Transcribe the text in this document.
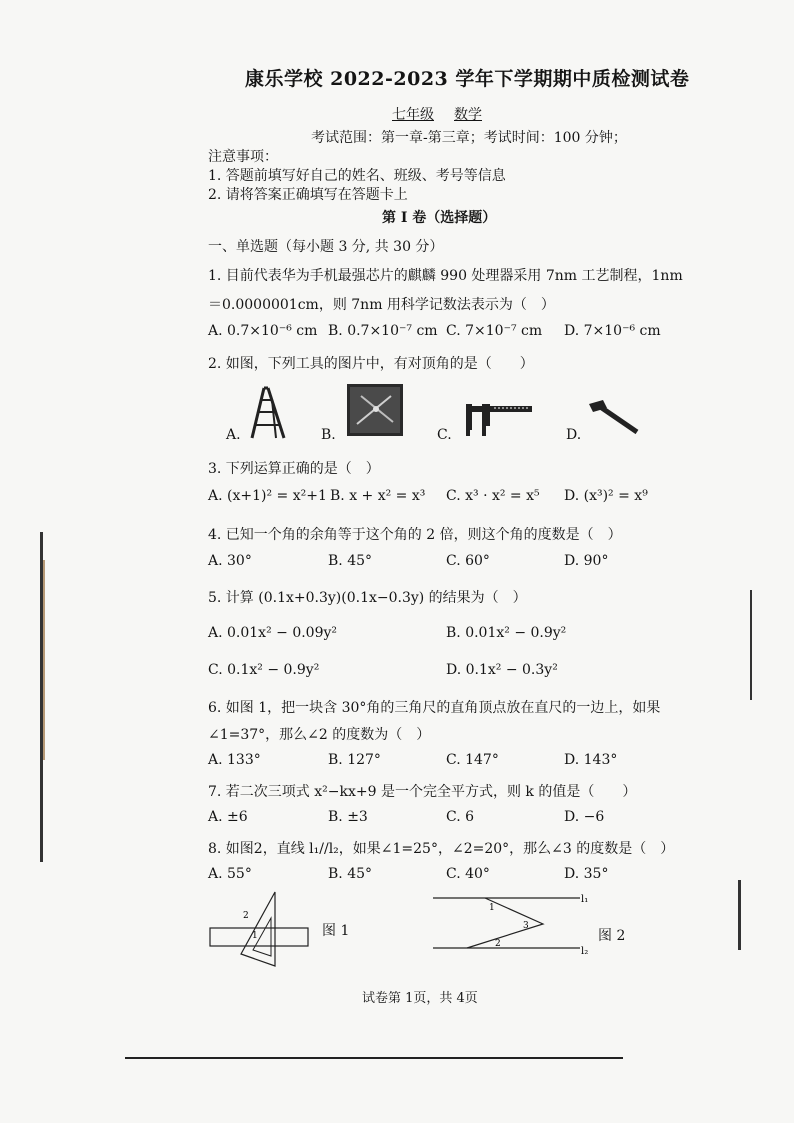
康乐学校 2022-2023 学年下学期期中质检测试卷
七年级 数学
考试范围：第一章-第三章；考试时间：100 分钟；
注意事项：
1. 答题前填写好自己的姓名、班级、考号等信息
2. 请将答案正确填写在答题卡上
第 I 卷（选择题）
一、单选题（每小题 3 分, 共 30 分）
1. 目前代表华为手机最强芯片的麒麟 990 处理器采用 7nm 工艺制程，1nm
＝0.0000001cm，则 7nm 用科学记数法表示为（　）
A. 0.7×10⁻⁶ cm B. 0.7×10⁻⁷ cm C. 7×10⁻⁷ cm D. 7×10⁻⁶ cm
2. 如图，下列工具的图片中，有对顶角的是（　　）
A.	B.	C.	D.
3. 下列运算正确的是（　）
A. (x+1)² = x²+1 B. x + x² = x³ C. x³ · x² = x⁵ D. (x³)² = x⁹
4. 已知一个角的余角等于这个角的 2 倍，则这个角的度数是（　）
A. 30°	B. 45°	C. 60°	D. 90°
5. 计算 (0.1x+0.3y)(0.1x−0.3y) 的结果为（　）
A. 0.01x² − 0.09y²	B. 0.01x² − 0.9y²
C. 0.1x² − 0.9y²	D. 0.1x² − 0.3y²
6. 如图 1，把一块含 30°角的三角尺的直角顶点放在直尺的一边上，如果
∠1=37°，那么∠2 的度数为（　）
A. 133°	B. 127°	C. 147°	D. 143°
7. 若二次三项式 x²−kx+9 是一个完全平方式，则 k 的值是（　　）
A. ±6	B. ±3	C. 6	D. −6
8. 如图2，直线 l₁//l₂，如果∠1=25°，∠2=20°，那么∠3 的度数是（　）
A. 55°	B. 45°	C. 40°	D. 35°
2
1	图 1
1
3
2
l₁
l₂
图 2
试卷第 1页，共 4页
